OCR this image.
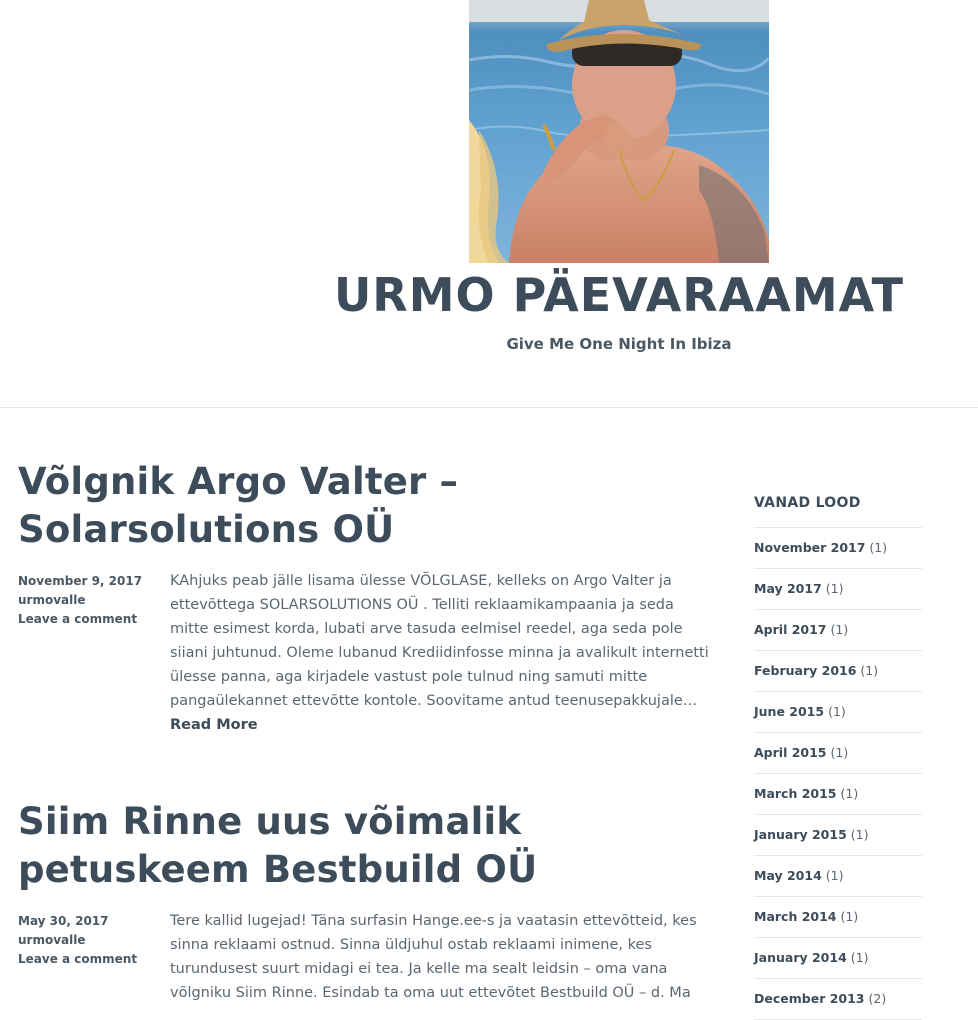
URMO PÄEVARAAMAT
Give Me One Night In Ibiza
Võlgnik Argo Valter – Solarsolutions OÜ
November 9, 2017
urmovalle
Leave a comment

KAhjuks peab jälle lisama ülesse VÕLGLASE, kelleks on Argo Valter ja ettevõttega SOLARSOLUTIONS OÜ . Telliti reklaamikampaania ja seda mitte esimest korda, lubati arve tasuda eelmisel reedel, aga seda pole siiani juhtunud. Oleme lubanud Krediidinfosse minna ja avalikult internetti ülesse panna, aga kirjadele vastust pole tulnud ning samuti mitte pangaülekannet ettevõtte kontole. Soovitame antud teenusepakkujale… Read More

Siim Rinne uus võimalik petuskeem Bestbuild OÜ
May 30, 2017
urmovalle
Leave a comment

Tere kallid lugejad! Täna surfasin Hange.ee-s ja vaatasin ettevõtteid, kes sinna reklaami ostnud. Sinna üldjuhul ostab reklaami inimene, kes turundusest suurt midagi ei tea. Ja kelle ma sealt leidsin – oma vana võlgniku Siim Rinne. Esindab ta oma uut ettevõtet Bestbuild OÜ – d. Ma

VANAD LOOD
November 2017 (1)
May 2017 (1)
April 2017 (1)
February 2016 (1)
June 2015 (1)
April 2015 (1)
March 2015 (1)
January 2015 (1)
May 2014 (1)
March 2014 (1)
January 2014 (1)
December 2013 (2)
